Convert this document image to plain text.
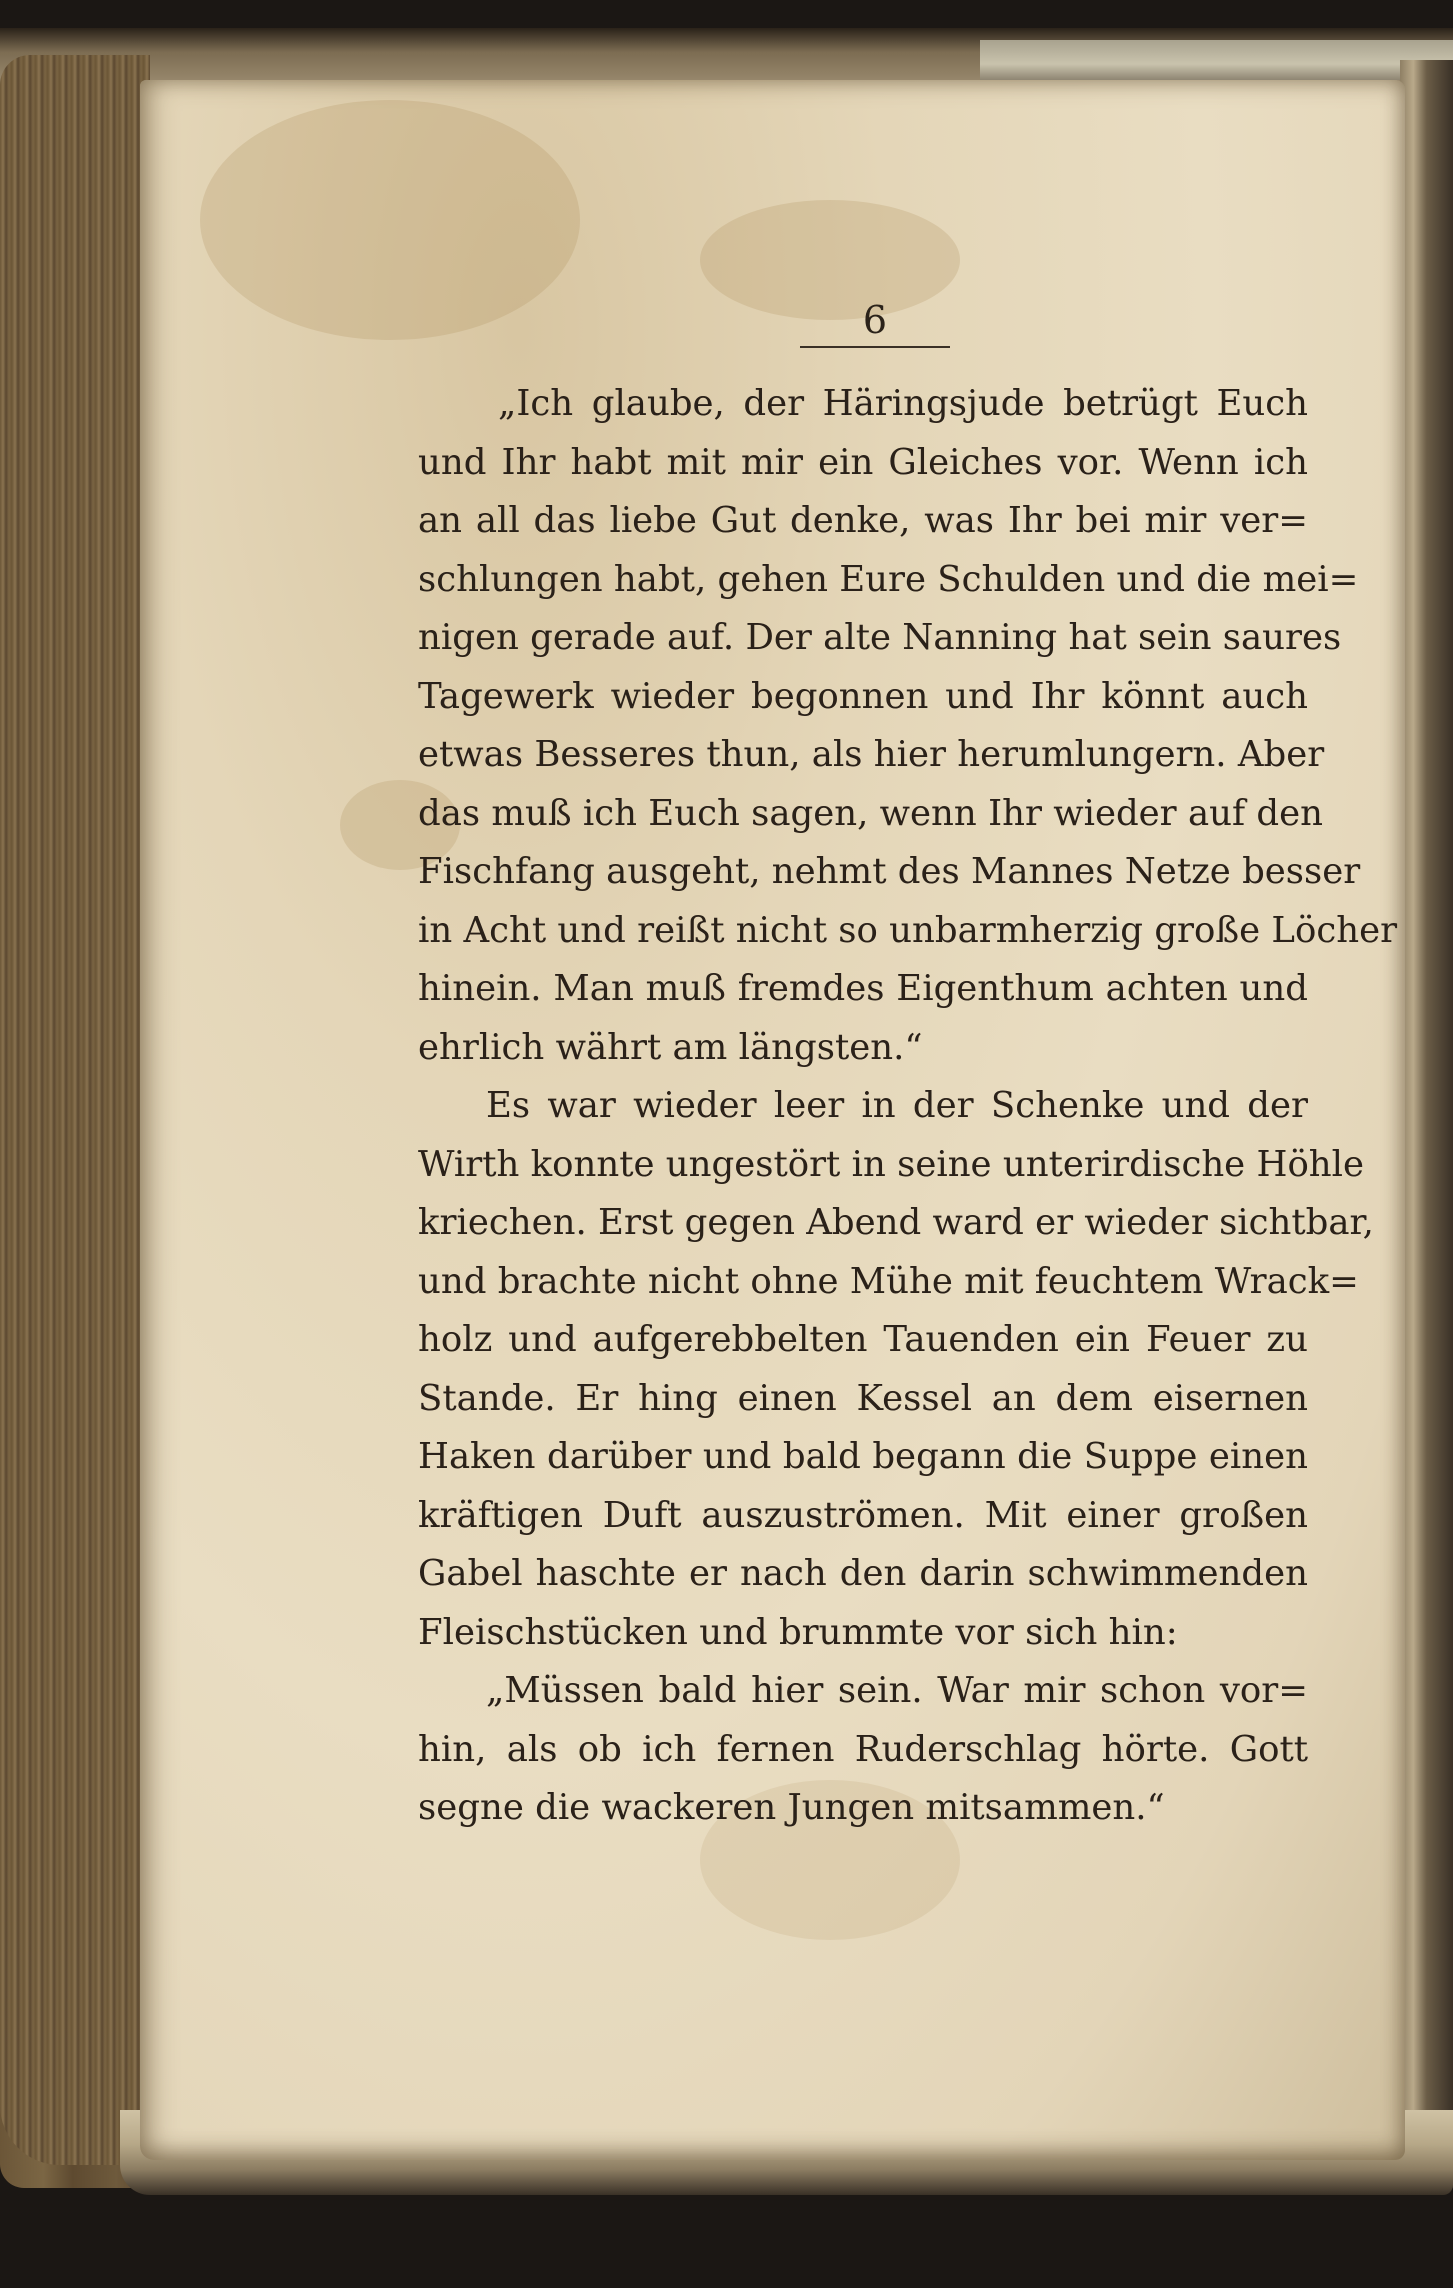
6
„Ich glaube, der Häringsjude betrügt Euch
und Ihr habt mit mir ein Gleiches vor. Wenn ich
an all das liebe Gut denke, was Ihr bei mir ver=
schlungen habt, gehen Eure Schulden und die mei=
nigen gerade auf. Der alte Nanning hat sein saures
Tagewerk wieder begonnen und Ihr könnt auch
etwas Besseres thun, als hier herumlungern. Aber
das muß ich Euch sagen, wenn Ihr wieder auf den
Fischfang ausgeht, nehmt des Mannes Netze besser
in Acht und reißt nicht so unbarmherzig große Löcher
hinein. Man muß fremdes Eigenthum achten und
ehrlich währt am längsten.“
Es war wieder leer in der Schenke und der
Wirth konnte ungestört in seine unterirdische Höhle
kriechen. Erst gegen Abend ward er wieder sichtbar,
und brachte nicht ohne Mühe mit feuchtem Wrack=
holz und aufgerebbelten Tauenden ein Feuer zu
Stande. Er hing einen Kessel an dem eisernen
Haken darüber und bald begann die Suppe einen
kräftigen Duft auszuströmen. Mit einer großen
Gabel haschte er nach den darin schwimmenden
Fleischstücken und brummte vor sich hin:
„Müssen bald hier sein. War mir schon vor=
hin, als ob ich fernen Ruderschlag hörte. Gott
segne die wackeren Jungen mitsammen.“
